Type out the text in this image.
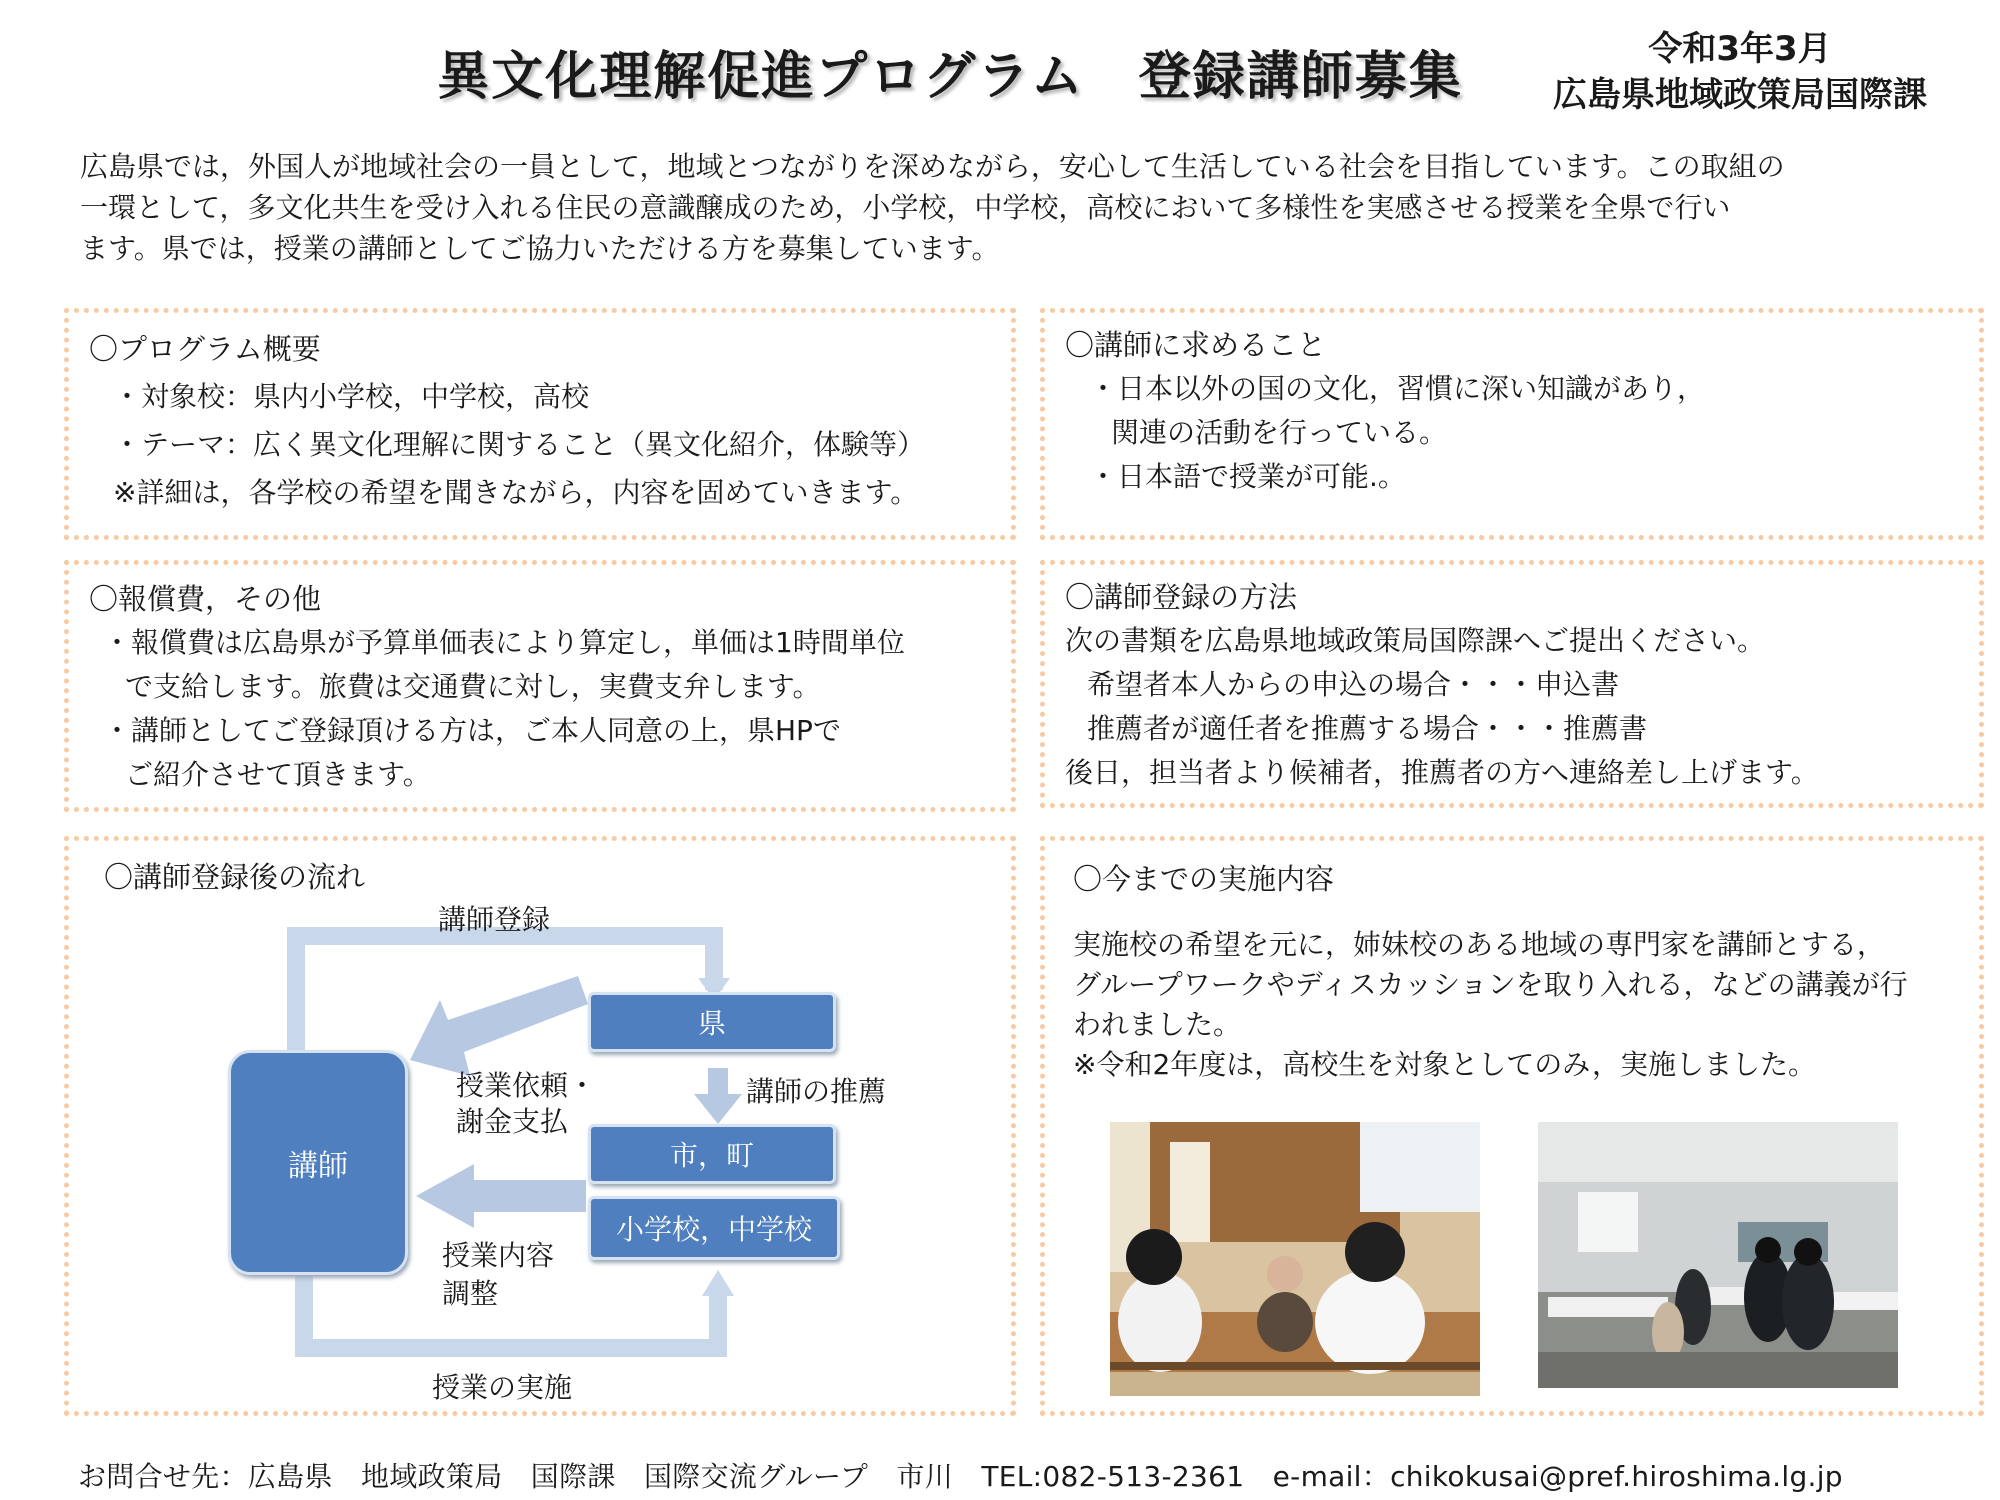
異文化理解促進プログラム　登録講師募集	令和3年3月
広島県地域政策局国際課
広島県では，外国人が地域社会の一員として，地域とつながりを深めながら，安心して生活している社会を目指しています。この取組の
一環として，多文化共生を受け入れる住民の意識醸成のため，小学校，中学校，高校において多様性を実感させる授業を全県で行い
ます。県では，授業の講師としてご協力いただける方を募集しています。
〇プログラム概要
・対象校：県内小学校，中学校，高校
・テーマ：広く異文化理解に関すること（異文化紹介，体験等）
※詳細は，各学校の希望を聞きながら，内容を固めていきます。
〇講師に求めること
・日本以外の国の文化，習慣に深い知識があり，
関連の活動を行っている。
・日本語で授業が可能.。
〇報償費，その他
・報償費は広島県が予算単価表により算定し，単価は1時間単位
で支給します。旅費は交通費に対し，実費支弁します。
・講師としてご登録頂ける方は，ご本人同意の上，県HPで
ご紹介させて頂きます。
〇講師登録の方法
次の書類を広島県地域政策局国際課へご提出ください。
希望者本人からの申込の場合・・・申込書
推薦者が適任者を推薦する場合・・・推薦書
後日，担当者より候補者，推薦者の方へ連絡差し上げます。
〇講師登録後の流れ
講師登録
県
授業依頼・
謝金支払
講師の推薦
市，町
小学校，中学校
講師
授業内容
調整
授業の実施
〇今までの実施内容
実施校の希望を元に，姉妹校のある地域の専門家を講師とする，
グループワークやディスカッションを取り入れる，などの講義が行
われました。
※令和2年度は，高校生を対象としてのみ，実施しました。
お問合せ先：広島県　地域政策局　国際課　国際交流グループ　市川　TEL:082-513-2361　e-mail：chikokusai@pref.hiroshima.lg.jp
